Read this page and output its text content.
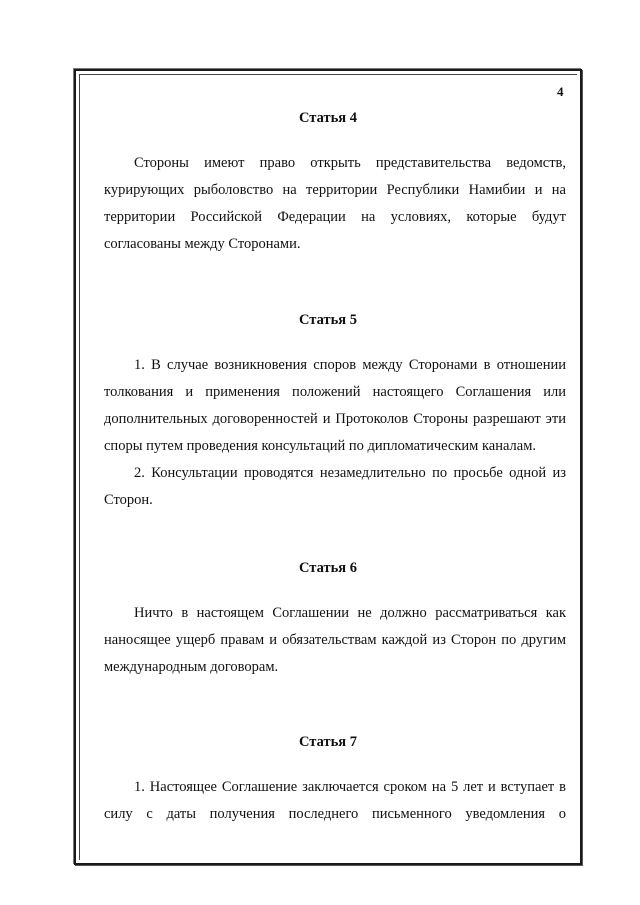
4
Статья 4
Стороны имеют право открыть представительства ведомств,
курирующих рыболовство на территории Республики Намибии и на
территории Российской Федерации на условиях, которые будут
согласованы между Сторонами.
Статья 5
1. В случае возникновения споров между Сторонами в отношении
толкования и применения положений настоящего Соглашения или
дополнительных договоренностей и Протоколов Стороны разрешают эти
споры путем проведения консультаций по дипломатическим каналам.
2. Консультации проводятся незамедлительно по просьбе одной из
Сторон.
Статья 6
Ничто в настоящем Соглашении не должно рассматриваться как
наносящее ущерб правам и обязательствам каждой из Сторон по другим
международным договорам.
Статья 7
1. Настоящее Соглашение заключается сроком на 5 лет и вступает в
силу с даты получения последнего письменного уведомления о
